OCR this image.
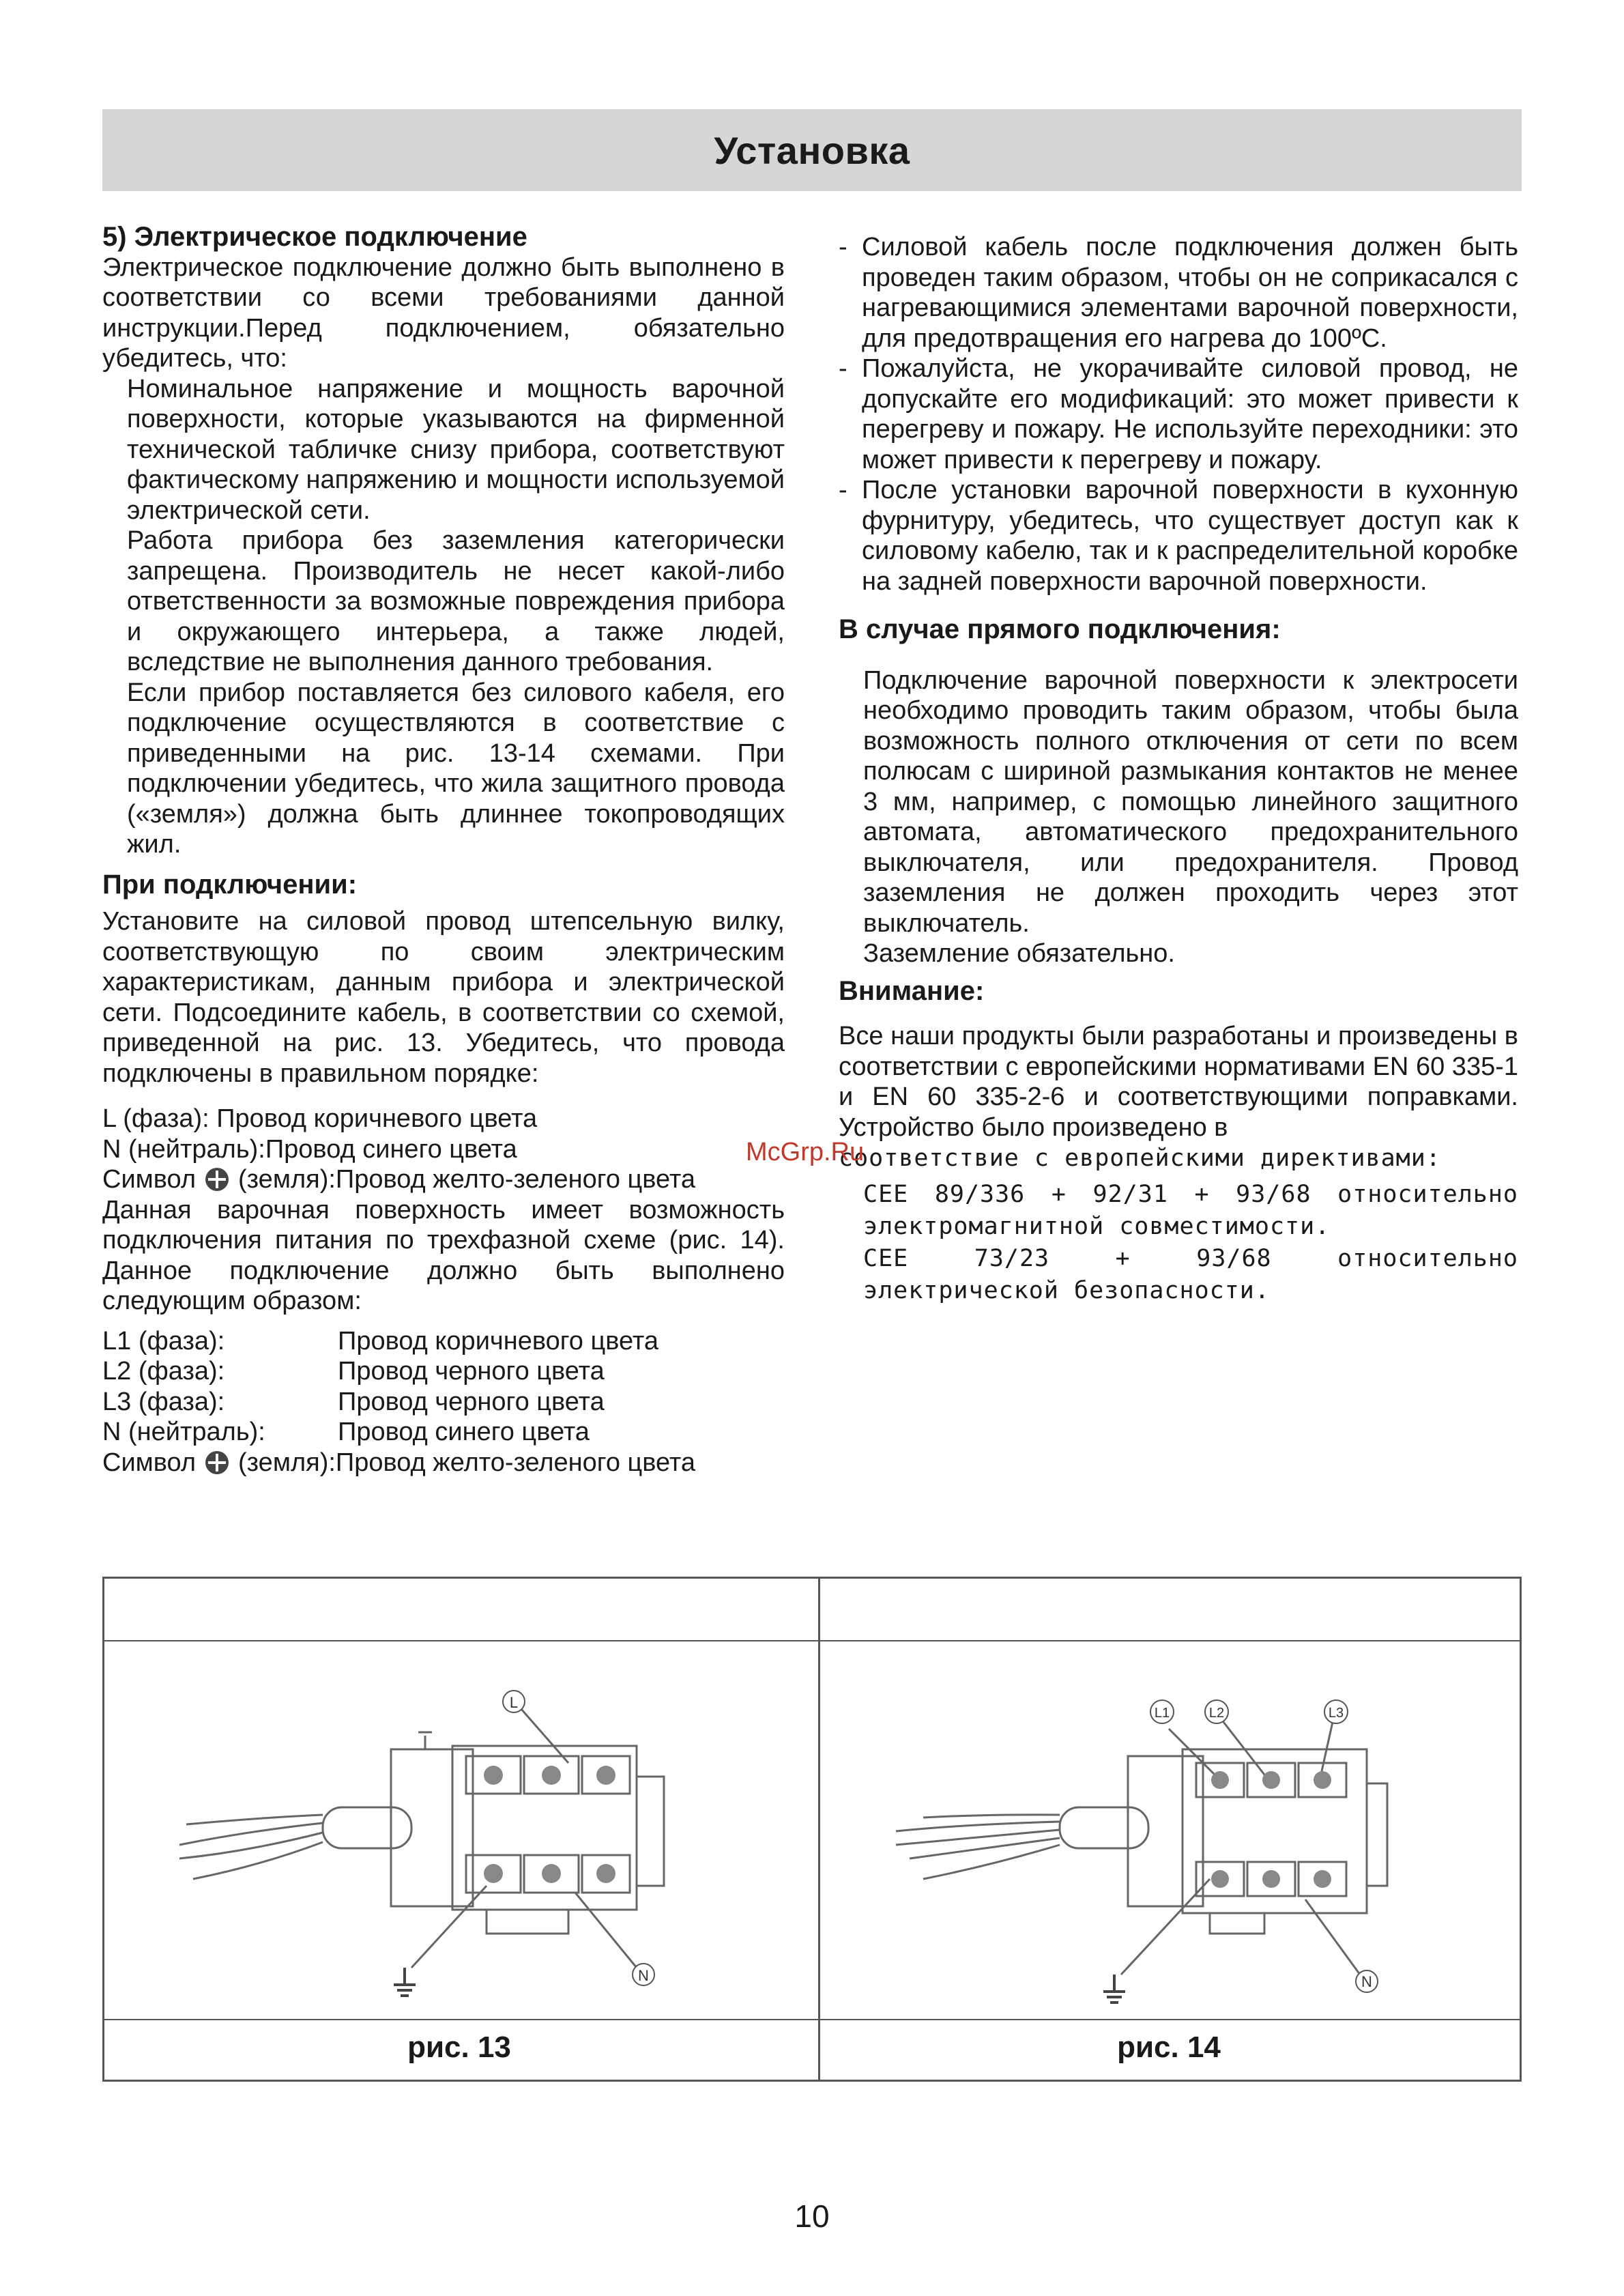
Установка

5) Электрическое подключение

Электрическое подключение должно быть выполнено в соответствии со всеми требованиями данной инструкции.Перед подключением, обязательно убедитесь, что:

Номинальное напряжение и мощность варочной поверхности, которые указываются на фирменной технической табличке снизу прибора, соответствуют фактическому напряжению и мощности используемой электрической сети.

Работа прибора без заземления категорически запрещена. Производитель не несет какой-либо ответственности за возможные повреждения прибора и окружающего интерьера, а также людей, вследствие не выполнения данного требования.

Если прибор поставляется без силового кабеля, его подключение осуществляются в соответствие с приведенными на рис. 13-14 схемами. При подключении убедитесь, что жила защитного провода («земля») должна быть длиннее токопроводящих жил.

При подключении:

Установите на силовой провод штепсельную вилку, соответствующую по своим электрическим характеристикам, данным прибора и электрической сети. Подсоедините кабель, в соответствии со схемой, приведенной на рис. 13. Убедитесь, что провода подключены в правильном порядке:

L (фаза): Провод коричневого цвета

N (нейтраль):Провод синего цвета

Символ (земля):Провод желто-зеленого цвета

Данная варочная поверхность имеет возможность подключения питания по трехфазной схеме (рис. 14). Данное подключение должно быть выполнено следующим образом:

L1 (фаза):	Провод коричневого цвета
L2 (фаза):	Провод черного цвета
L3 (фаза):	Провод черного цвета
N (нейтраль):	Провод синего цвета

Символ (земля):Провод желто-зеленого цвета

- Силовой кабель после подключения должен быть проведен таким образом, чтобы он не соприкасался с нагревающимися элементами варочной поверхности, для предотвращения его нагрева до 100ºС.
- Пожалуйста, не укорачивайте силовой провод, не допускайте его модификаций: это может привести к перегреву и пожару. Не используйте переходники: это может привести к перегреву и пожару.
- После установки варочной поверхности в кухонную фурнитуру, убедитесь, что существует доступ как к силовому кабелю, так и к распределительной коробке на задней поверхности варочной поверхности.

В случае прямого подключения:

Подключение варочной поверхности к электросети необходимо проводить таким образом, чтобы была возможность полного отключения от сети по всем полюсам с шириной размыкания контактов не менее 3 мм, например, с помощью линейного защитного автомата, автоматического предохранительного выключателя, или предохранителя. Провод заземления не должен проходить через этот выключатель.

Заземление обязательно.

Внимание:

Все наши продукты были разработаны и произведены в соответствии с европейскими нормативами EN 60 335-1 и EN 60 335-2-6 и соответствующими поправками. Устройство было произведено в

соответствие с европейскими директивами:

CEE 89/336 + 92/31 + 93/68 относительно электромагнитной совместимости.

CEE 73/23 + 93/68 относительно электрической безопасности.

McGrp.Ru
L
N
рис. 13
L1	L2	L3
N
рис. 14
10
